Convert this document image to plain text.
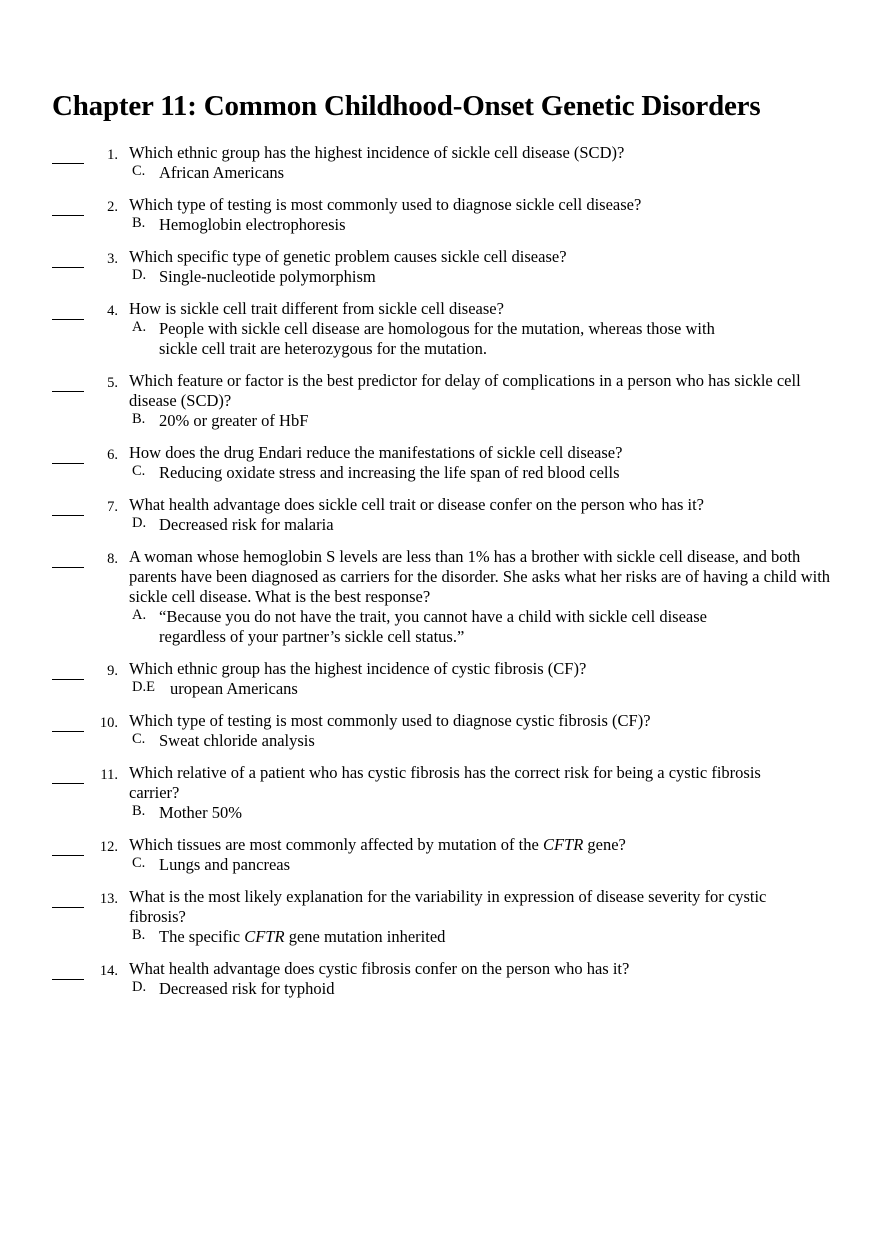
Chapter 11: Common Childhood-Onset Genetic Disorders
1. Which ethnic group has the highest incidence of sickle cell disease (SCD)?
C. African Americans
2. Which type of testing is most commonly used to diagnose sickle cell disease?
B. Hemoglobin electrophoresis
3. Which specific type of genetic problem causes sickle cell disease?
D. Single-nucleotide polymorphism
4. How is sickle cell trait different from sickle cell disease?
A. People with sickle cell disease are homologous for the mutation, whereas those with sickle cell trait are heterozygous for the mutation.
5. Which feature or factor is the best predictor for delay of complications in a person who has sickle cell disease (SCD)?
B. 20% or greater of HbF
6. How does the drug Endari reduce the manifestations of sickle cell disease?
C. Reducing oxidate stress and increasing the life span of red blood cells
7. What health advantage does sickle cell trait or disease confer on the person who has it?
D. Decreased risk for malaria
8. A woman whose hemoglobin S levels are less than 1% has a brother with sickle cell disease, and both parents have been diagnosed as carriers for the disorder. She asks what her risks are of having a child with sickle cell disease. What is the best response?
A. “Because you do not have the trait, you cannot have a child with sickle cell disease regardless of your partner’s sickle cell status.”
9. Which ethnic group has the highest incidence of cystic fibrosis (CF)?
D.E uropean Americans
10. Which type of testing is most commonly used to diagnose cystic fibrosis (CF)?
C. Sweat chloride analysis
11. Which relative of a patient who has cystic fibrosis has the correct risk for being a cystic fibrosis carrier?
B. Mother 50%
12. Which tissues are most commonly affected by mutation of the CFTR gene?
C. Lungs and pancreas
13. What is the most likely explanation for the variability in expression of disease severity for cystic fibrosis?
B. The specific CFTR gene mutation inherited
14. What health advantage does cystic fibrosis confer on the person who has it?
D. Decreased risk for typhoid
